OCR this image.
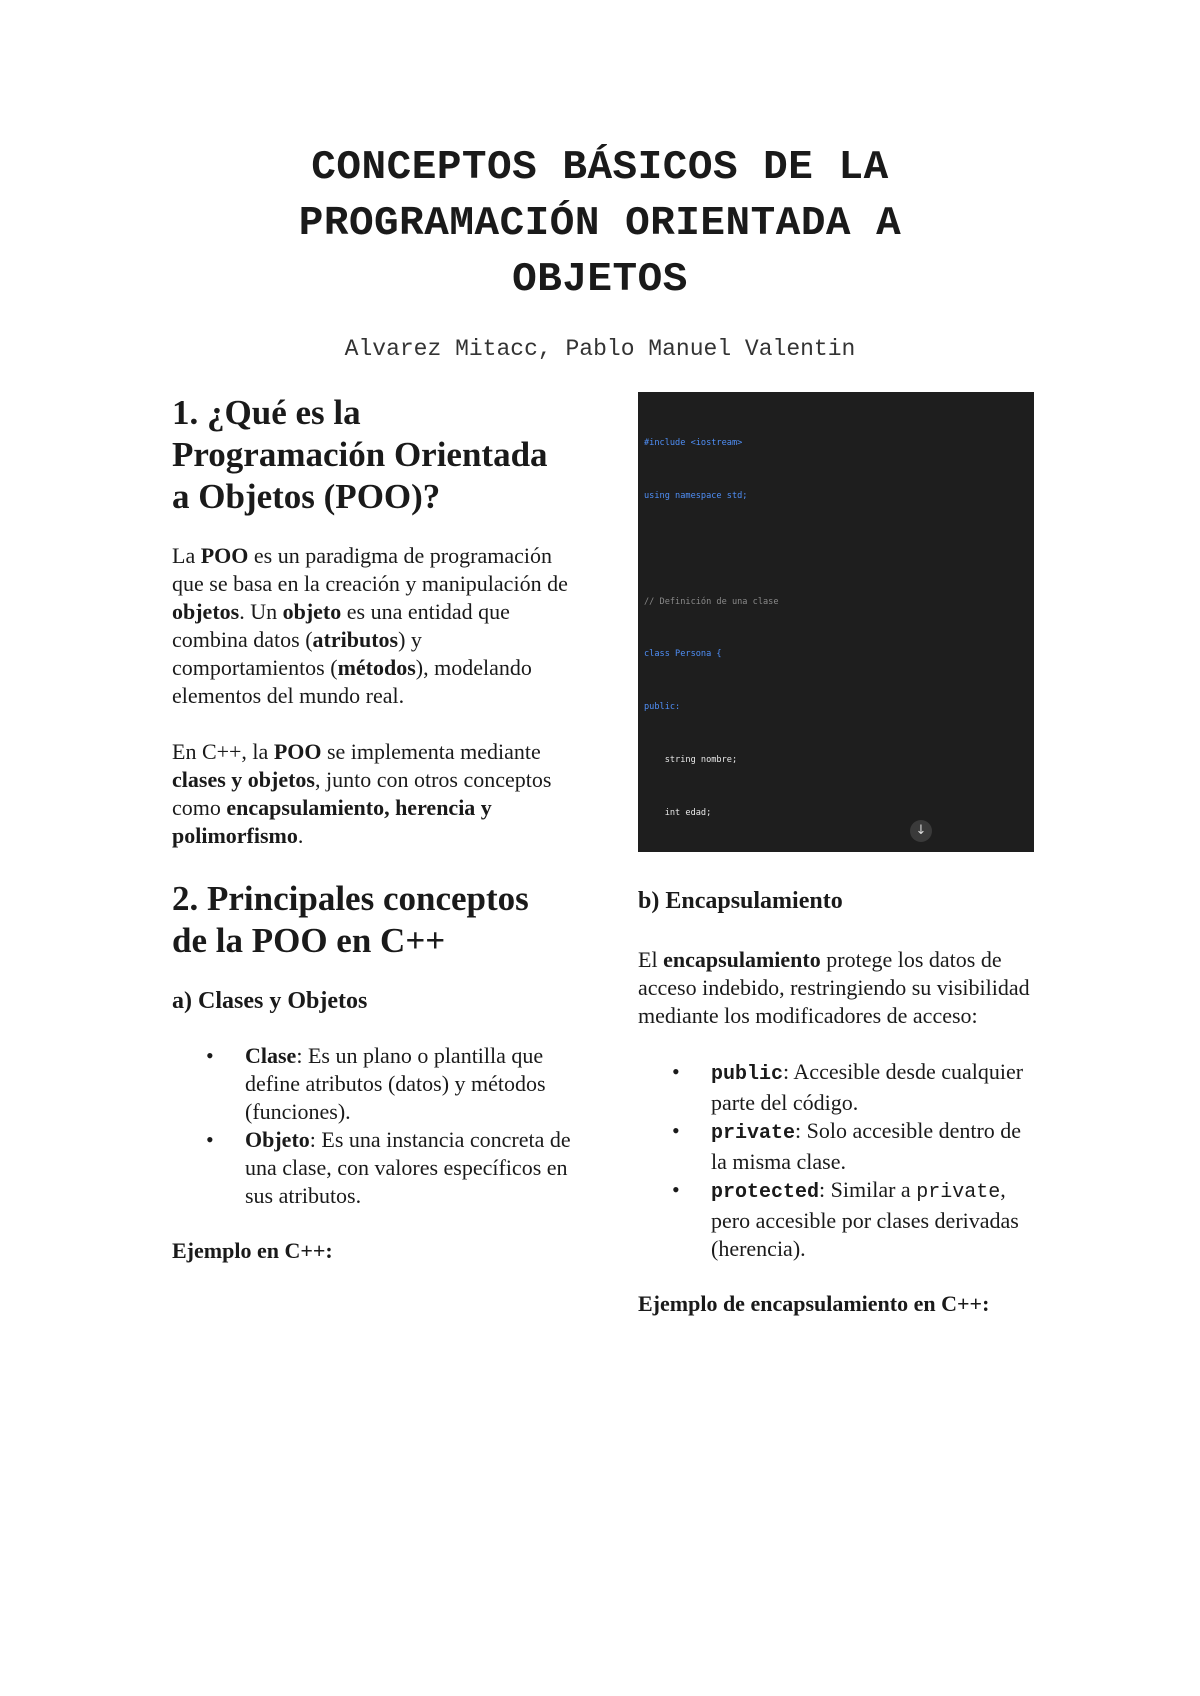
CONCEPTOS BÁSICOS DE LA
PROGRAMACIÓN ORIENTADA A
OBJETOS
Alvarez Mitacc, Pablo Manuel Valentin
1. ¿Qué es la Programación Orientada a Objetos (POO)?

La POO es un paradigma de programación que se basa en la creación y manipulación de objetos. Un objeto es una entidad que combina datos (atributos) y comportamientos (métodos), modelando elementos del mundo real.

En C++, la POO se implementa mediante clases y objetos, junto con otros conceptos como encapsulamiento, herencia y polimorfismo.

2. Principales conceptos de la POO en C++
a) Clases y Objetos
• Clase: Es un plano o plantilla que define atributos (datos) y métodos (funciones).
• Objeto: Es una instancia concreta de una clase, con valores específicos en sus atributos.
Ejemplo en C++:

#include <iostream>

using namespace std;

// Definición de una clase

class Persona {

public:

string nombre;

int edad;

↓

b) Encapsulamiento

El encapsulamiento protege los datos de acceso indebido, restringiendo su visibilidad mediante los modificadores de acceso:

• public: Accesible desde cualquier parte del código.
• private: Solo accesible dentro de la misma clase.
• protected: Similar a private, pero accesible por clases derivadas (herencia).
Ejemplo de encapsulamiento en C++:
